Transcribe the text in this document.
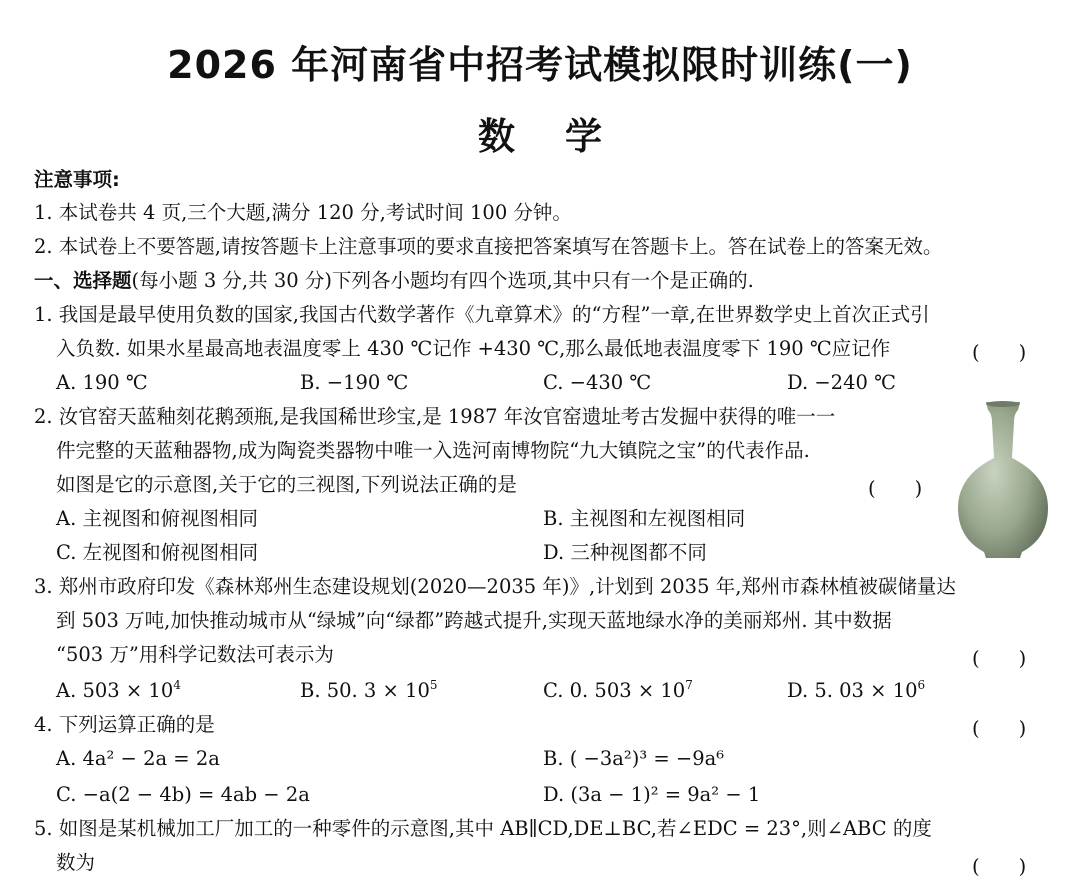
2026 年河南省中招考试模拟限时训练(一)
数学
注意事项:
1. 本试卷共 4 页,三个大题,满分 120 分,考试时间 100 分钟。
2. 本试卷上不要答题,请按答题卡上注意事项的要求直接把答案填写在答题卡上。答在试卷上的答案无效。
一、选择题(每小题 3 分,共 30 分)下列各小题均有四个选项,其中只有一个是正确的.
1. 我国是最早使用负数的国家,我国古代数学著作《九章算术》的“方程”一章,在世界数学史上首次正式引
入负数. 如果水星最高地表温度零上 430 ℃记作 +430 ℃,那么最低地表温度零下 190 ℃应记作	(　　)
A. 190 ℃	B. −190 ℃	C. −430 ℃	D. −240 ℃
2. 汝官窑天蓝釉刻花鹅颈瓶,是我国稀世珍宝,是 1987 年汝官窑遗址考古发掘中获得的唯一一
件完整的天蓝釉器物,成为陶瓷类器物中唯一入选河南博物院“九大镇院之宝”的代表作品.
如图是它的示意图,关于它的三视图,下列说法正确的是	(　　)
A. 主视图和俯视图相同	B. 主视图和左视图相同
C. 左视图和俯视图相同	D. 三种视图都不同
3. 郑州市政府印发《森林郑州生态建设规划(2020—2035 年)》,计划到 2035 年,郑州市森林植被碳储量达
到 503 万吨,加快推动城市从“绿城”向“绿都”跨越式提升,实现天蓝地绿水净的美丽郑州. 其中数据
“503 万”用科学记数法可表示为	(　　)
A. $503 \times 10^4$	B. 50. $3 \times 10^5$	C. 0. $503 \times 10^7$	D. 5. $03 \times 10^6$
4. 下列运算正确的是	(　　)
A. 4a² − 2a = 2a	B. ( −3a²)³ = −9a⁶
C. −a(2 − 4b) = 4ab − 2a	D. (3a − 1)² = 9a² − 1
5. 如图是某机械加工厂加工的一种零件的示意图,其中 AB∥CD,DE⊥BC,若∠EDC = 23°,则∠ABC 的度
数为	(　　)
